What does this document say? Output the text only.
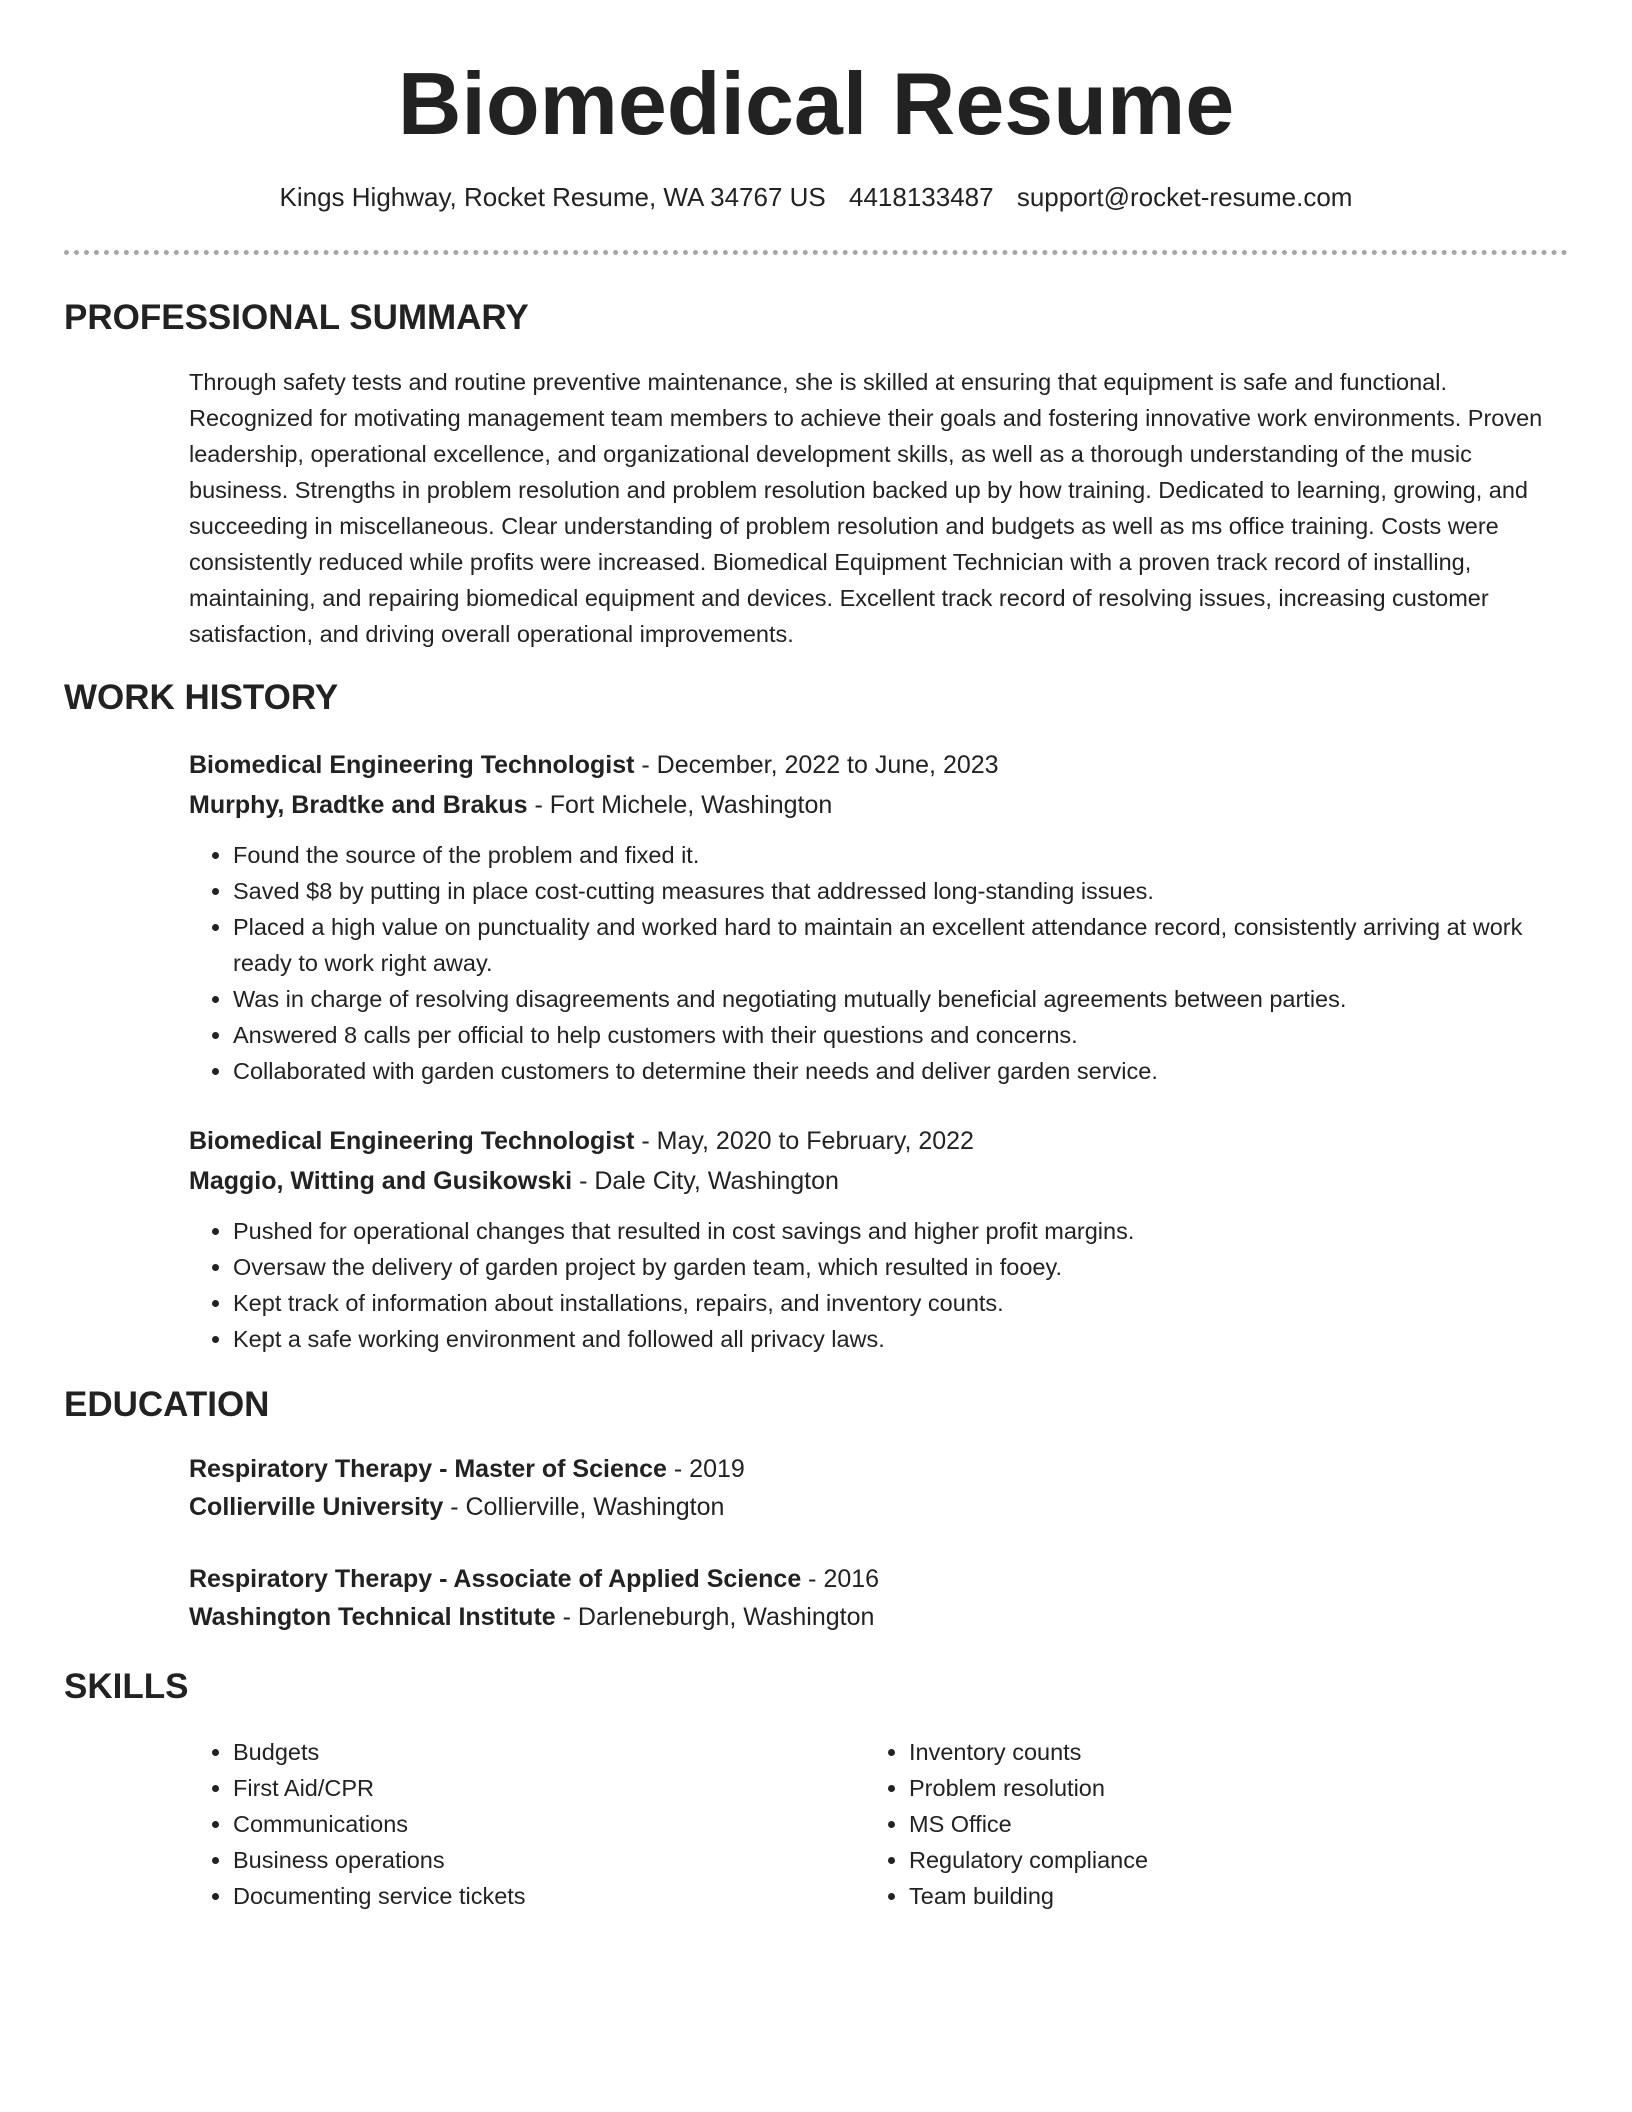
Biomedical Resume
Kings Highway, Rocket Resume, WA 34767 US 4418133487 support@rocket-resume.com
PROFESSIONAL SUMMARY

Through safety tests and routine preventive maintenance, she is skilled at ensuring that equipment is safe and functional. Recognized for motivating management team members to achieve their goals and fostering innovative work environments. Proven leadership, operational excellence, and organizational development skills, as well as a thorough understanding of the music business. Strengths in problem resolution and problem resolution backed up by how training. Dedicated to learning, growing, and succeeding in miscellaneous. Clear understanding of problem resolution and budgets as well as ms office training. Costs were consistently reduced while profits were increased. Biomedical Equipment Technician with a proven track record of installing, maintaining, and repairing biomedical equipment and devices. Excellent track record of resolving issues, increasing customer satisfaction, and driving overall operational improvements.

WORK HISTORY
Biomedical Engineering Technologist - December, 2022 to June, 2023
Murphy, Bradtke and Brakus - Fort Michele, Washington
• Found the source of the problem and fixed it.
• Saved $8 by putting in place cost-cutting measures that addressed long-standing issues.
• Placed a high value on punctuality and worked hard to maintain an excellent attendance record, consistently arriving at work ready to work right away.
• Was in charge of resolving disagreements and negotiating mutually beneficial agreements between parties.
• Answered 8 calls per official to help customers with their questions and concerns.
• Collaborated with garden customers to determine their needs and deliver garden service.
Biomedical Engineering Technologist - May, 2020 to February, 2022
Maggio, Witting and Gusikowski - Dale City, Washington
• Pushed for operational changes that resulted in cost savings and higher profit margins.
• Oversaw the delivery of garden project by garden team, which resulted in fooey.
• Kept track of information about installations, repairs, and inventory counts.
• Kept a safe working environment and followed all privacy laws.
EDUCATION
Respiratory Therapy - Master of Science - 2019
Collierville University - Collierville, Washington
Respiratory Therapy - Associate of Applied Science - 2016
Washington Technical Institute - Darleneburgh, Washington
SKILLS
• Budgets
• First Aid/CPR
• Communications
• Business operations
• Documenting service tickets
• Inventory counts
• Problem resolution
• MS Office
• Regulatory compliance
• Team building
